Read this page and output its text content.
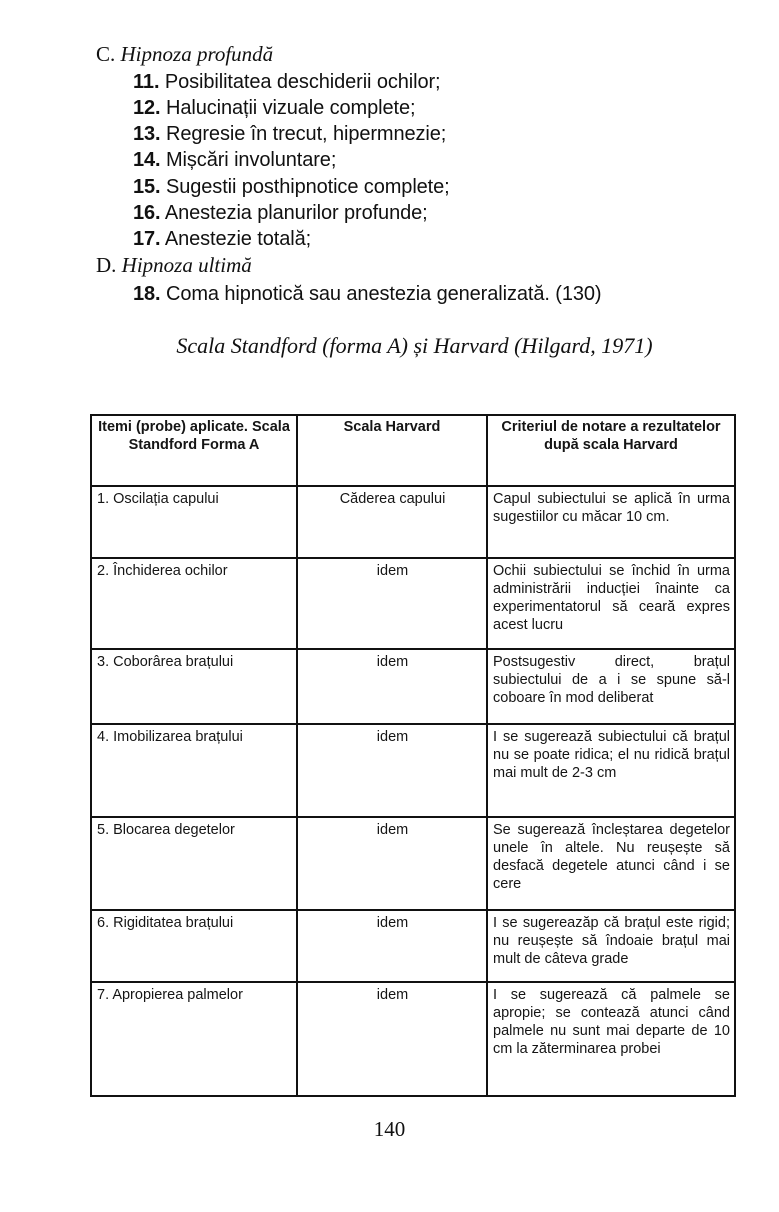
C. Hipnoza profundă
11. Posibilitatea deschiderii ochilor;
12. Halucinații vizuale complete;
13. Regresie în trecut, hipermnezie;
14. Mișcări involuntare;
15. Sugestii posthipnotice complete;
16. Anestezia planurilor profunde;
17. Anestezie totală;
D. Hipnoza ultimă
18. Coma hipnotică sau anestezia generalizată. (130)
Scala Standford (forma A) și Harvard (Hilgard, 1971)
Itemi (probe) aplicate. Scala Standford Forma A	Scala Harvard	Criteriul de notare a rezultatelor după scala Harvard
1. Oscilația capului	Căderea capului	Capul subiectului se aplică în urma sugestiilor cu măcar 10 cm.
2. Închiderea ochilor	idem	Ochii subiectului se închid în urma administrării inducției înainte ca experimentatorul să ceară expres acest lucru
3. Coborârea brațului	idem	Postsugestiv direct, brațul subiectului de a i se spune să-l coboare în mod deliberat
4. Imobilizarea brațului	idem	I se sugerează subiectului că brațul nu se poate ridica; el nu ridică brațul mai mult de 2-3 cm
5. Blocarea degetelor	idem	Se sugerează încleștarea degetelor unele în altele. Nu reușește să desfacă degetele atunci când i se cere
6. Rigiditatea brațului	idem	I se sugereazăp că brațul este rigid; nu reușește să îndoaie brațul mai mult de câteva grade
7. Apropierea palmelor	idem	I se sugerează că palmele se apropie; se contează atunci când palmele nu sunt mai departe de 10 cm la zăterminarea probei
140
